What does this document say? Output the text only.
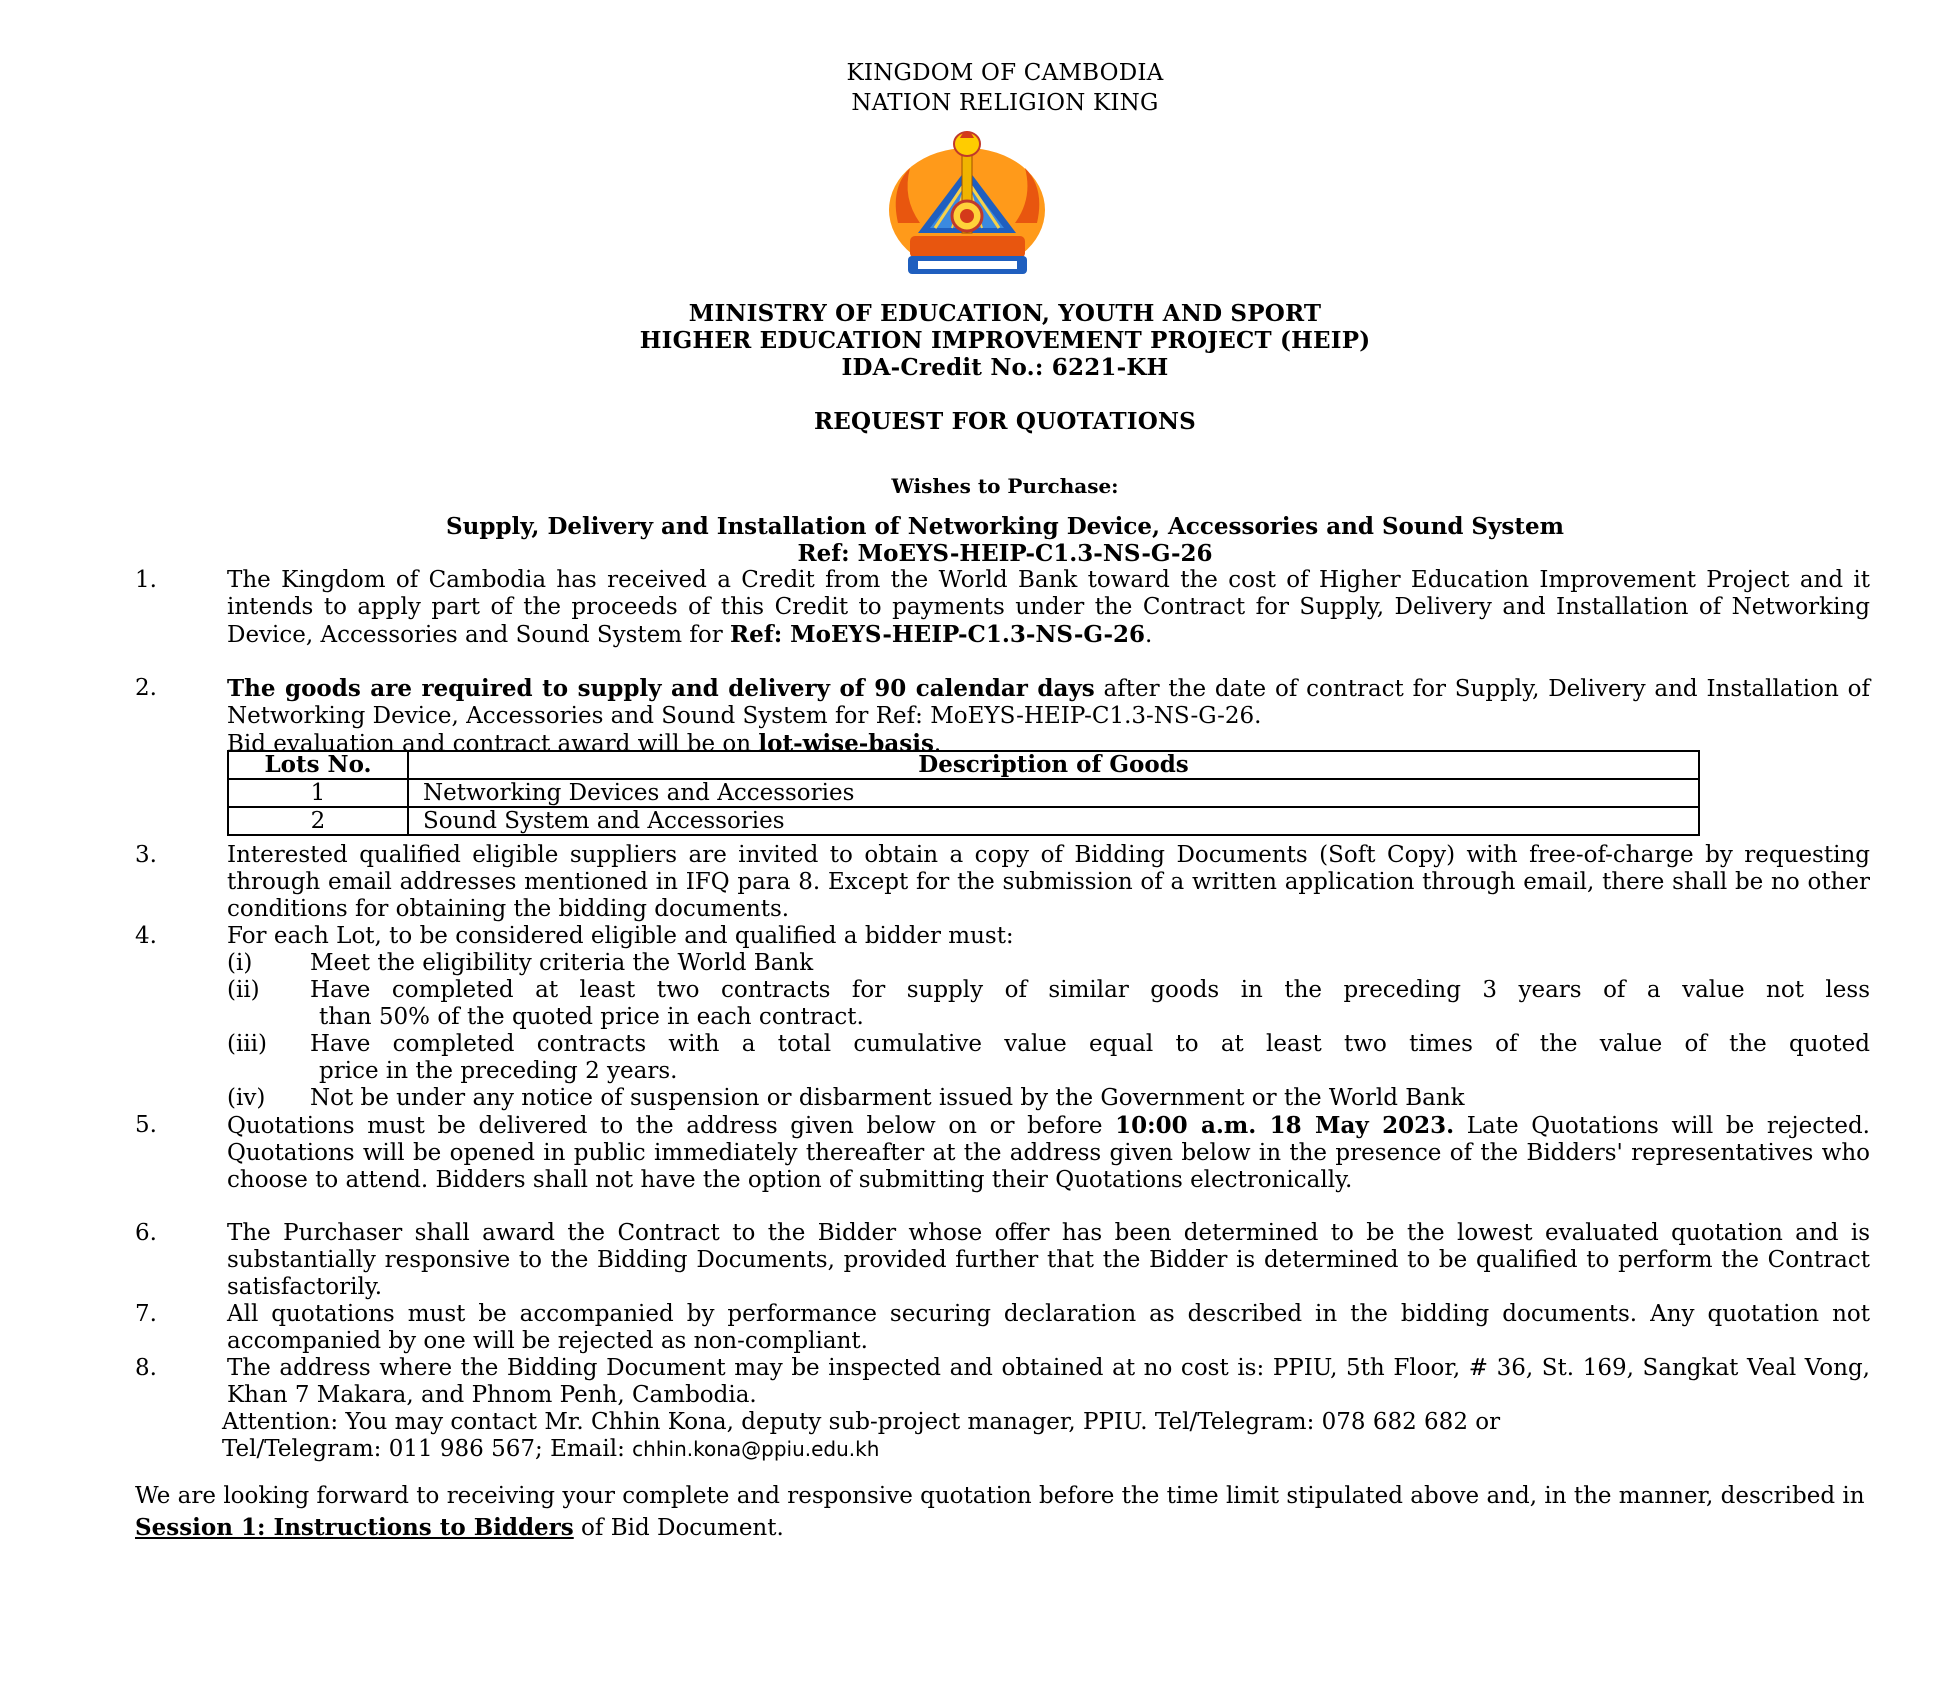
KINGDOM OF CAMBODIA
NATION RELIGION KING
MINISTRY OF EDUCATION, YOUTH AND SPORT
HIGHER EDUCATION IMPROVEMENT PROJECT (HEIP)
IDA-Credit No.: 6221-KH
REQUEST FOR QUOTATIONS
Wishes to Purchase:
Supply, Delivery and Installation of Networking Device, Accessories and Sound System
Ref: MoEYS-HEIP-C1.3-NS-G-26
1.	The Kingdom of Cambodia has received a Credit from the World Bank toward the cost of Higher Education Improvement Project and it intends to apply part of the proceeds of this Credit to payments under the Contract for Supply, Delivery and Installation of Networking Device, Accessories and Sound System for Ref: MoEYS-HEIP-C1.3-NS-G-26.
2.	The goods are required to supply and delivery of 90 calendar days after the date of contract for Supply, Delivery and Installation of Networking Device, Accessories and Sound System for Ref: MoEYS-HEIP-C1.3-NS-G-26.
Bid evaluation and contract award will be on lot-wise-basis.
Lots No.	Description of Goods
1	Networking Devices and Accessories
2	Sound System and Accessories
3.	Interested qualified eligible suppliers are invited to obtain a copy of Bidding Documents (Soft Copy) with free-of-charge by requesting through email addresses mentioned in IFQ para 8. Except for the submission of a written application through email, there shall be no other conditions for obtaining the bidding documents.
4.	For each Lot, to be considered eligible and qualified a bidder must:
(i)	Meet the eligibility criteria the World Bank
(ii)	Have completed at least two contracts for supply of similar goods in the preceding 3 years of a value not less
than 50% of the quoted price in each contract.
(iii)	Have completed contracts with a total cumulative value equal to at least two times of the value of the quoted
price in the preceding 2 years.
(iv)	Not be under any notice of suspension or disbarment issued by the Government or the World Bank
5.	Quotations must be delivered to the address given below on or before 10:00 a.m. 18 May 2023. Late Quotations will be rejected. Quotations will be opened in public immediately thereafter at the address given below in the presence of the Bidders' representatives who choose to attend. Bidders shall not have the option of submitting their Quotations electronically.
6.	The Purchaser shall award the Contract to the Bidder whose offer has been determined to be the lowest evaluated quotation and is substantially responsive to the Bidding Documents, provided further that the Bidder is determined to be qualified to perform the Contract satisfactorily.
7.	All quotations must be accompanied by performance securing declaration as described in the bidding documents. Any quotation not accompanied by one will be rejected as non-compliant.
8.	The address where the Bidding Document may be inspected and obtained at no cost is: PPIU, 5th Floor, # 36, St. 169, Sangkat Veal Vong, Khan 7 Makara, and Phnom Penh, Cambodia.
Attention: You may contact Mr. Chhin Kona, deputy sub-project manager, PPIU. Tel/Telegram: 078 682 682 or
Tel/Telegram: 011 986 567; Email: chhin.kona@ppiu.edu.kh
We are looking forward to receiving your complete and responsive quotation before the time limit stipulated above and, in the manner, described in Session 1: Instructions to Bidders of Bid Document.
